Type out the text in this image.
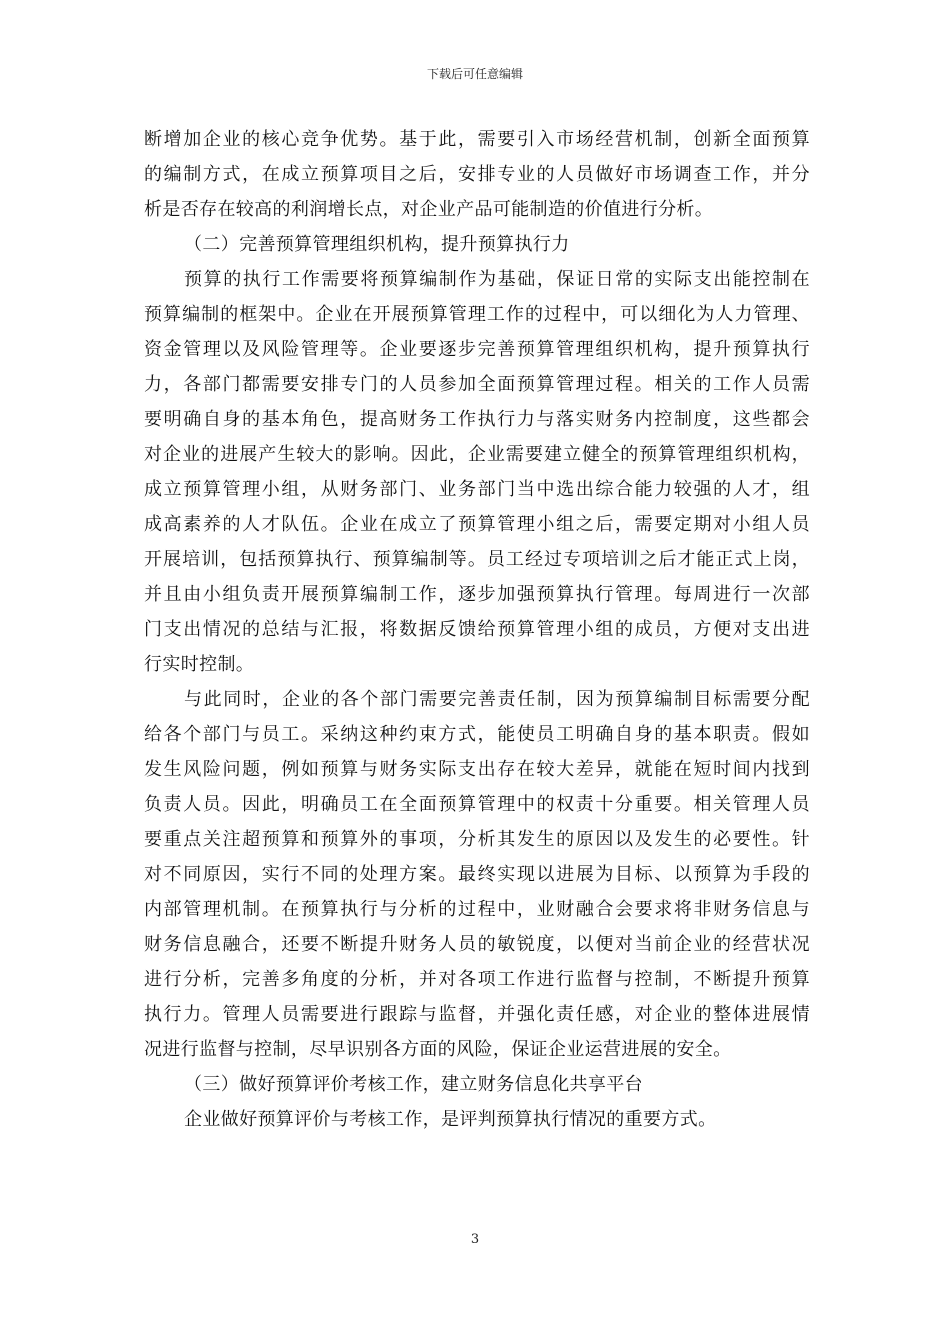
下载后可任意编辑
断增加企业的核心竞争优势。基于此，需要引入市场经营机制，创新全面预算
的编制方式，在成立预算项目之后，安排专业的人员做好市场调查工作，并分
析是否存在较高的利润增长点，对企业产品可能制造的价值进行分析。
（二）完善预算管理组织机构，提升预算执行力
预算的执行工作需要将预算编制作为基础，保证日常的实际支出能控制在
预算编制的框架中。企业在开展预算管理工作的过程中，可以细化为人力管理、
资金管理以及风险管理等。企业要逐步完善预算管理组织机构，提升预算执行
力，各部门都需要安排专门的人员参加全面预算管理过程。相关的工作人员需
要明确自身的基本角色，提高财务工作执行力与落实财务内控制度，这些都会
对企业的进展产生较大的影响。因此，企业需要建立健全的预算管理组织机构，
成立预算管理小组，从财务部门、业务部门当中选出综合能力较强的人才，组
成高素养的人才队伍。企业在成立了预算管理小组之后，需要定期对小组人员
开展培训，包括预算执行、预算编制等。员工经过专项培训之后才能正式上岗，
并且由小组负责开展预算编制工作，逐步加强预算执行管理。每周进行一次部
门支出情况的总结与汇报，将数据反馈给预算管理小组的成员，方便对支出进
行实时控制。
与此同时，企业的各个部门需要完善责任制，因为预算编制目标需要分配
给各个部门与员工。采纳这种约束方式，能使员工明确自身的基本职责。假如
发生风险问题，例如预算与财务实际支出存在较大差异，就能在短时间内找到
负责人员。因此，明确员工在全面预算管理中的权责十分重要。相关管理人员
要重点关注超预算和预算外的事项，分析其发生的原因以及发生的必要性。针
对不同原因，实行不同的处理方案。最终实现以进展为目标、以预算为手段的
内部管理机制。在预算执行与分析的过程中，业财融合会要求将非财务信息与
财务信息融合，还要不断提升财务人员的敏锐度，以便对当前企业的经营状况
进行分析，完善多角度的分析，并对各项工作进行监督与控制，不断提升预算
执行力。管理人员需要进行跟踪与监督，并强化责任感，对企业的整体进展情
况进行监督与控制，尽早识别各方面的风险，保证企业运营进展的安全。
（三）做好预算评价考核工作，建立财务信息化共享平台
企业做好预算评价与考核工作，是评判预算执行情况的重要方式。
3
